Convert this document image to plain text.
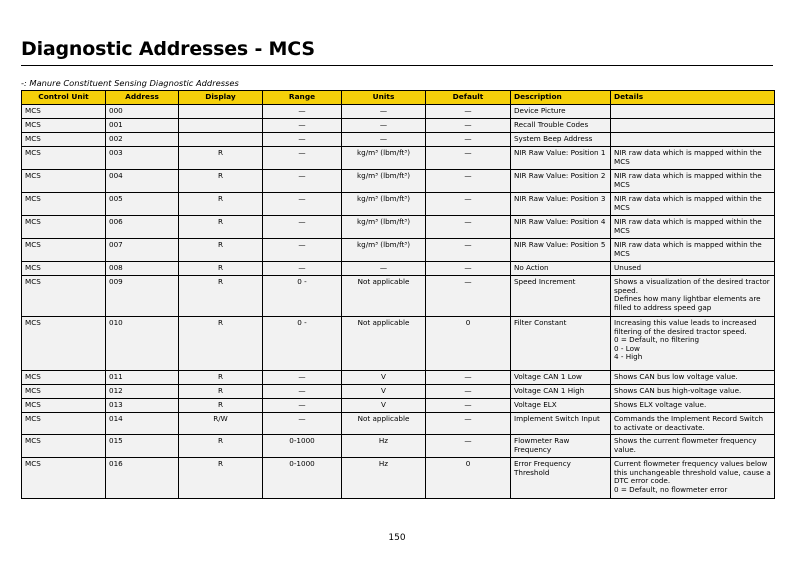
Diagnostic Addresses - MCS
-: Manure Constituent Sensing Diagnostic Addresses
Control Unit	Address	Display	Range	Units	Default	Description	Details
MCS	000		—	—	—	Device Picture	

MCS	001		—	—	—	Recall Trouble Codes	

MCS	002		—	—	—	System Beep Address	

MCS	003	R	—	kg/m³ (lbm/ft³)	—	NIR Raw Value: Position 1	NIR raw data which is mapped within the MCS

MCS	004	R	—	kg/m³ (lbm/ft³)	—	NIR Raw Value: Position 2	NIR raw data which is mapped within the MCS

MCS	005	R	—	kg/m³ (lbm/ft³)	—	NIR Raw Value: Position 3	NIR raw data which is mapped within the MCS

MCS	006	R	—	kg/m³ (lbm/ft³)	—	NIR Raw Value: Position 4	NIR raw data which is mapped within the MCS

MCS	007	R	—	kg/m³ (lbm/ft³)	—	NIR Raw Value: Position 5	NIR raw data which is mapped within the MCS

MCS	008	R	—	—	—	No Action	Unused

MCS	009	R	0 -	Not applicable	—	Speed Increment	Shows a visualization of the desired tractor speed.
Defines how many lightbar elements are filled to address speed gap

MCS	010	R	0 -	Not applicable	0	Filter Constant	Increasing this value leads to increased filtering of the desired tractor speed.
0 = Default, no filtering
0 - Low
4 - High

MCS	011	R	—	V	—	Voltage CAN 1 Low	Shows CAN bus low voltage value.

MCS	012	R	—	V	—	Voltage CAN 1 High	Shows CAN bus high-voltage value.

MCS	013	R	—	V	—	Voltage ELX	Shows ELX voltage value.

MCS	014	R/W	—	Not applicable	—	Implement Switch Input	Commands the Implement Record Switch to activate or deactivate.

MCS	015	R	0-1000	Hz	—	Flowmeter Raw Frequency	Shows the current flowmeter frequency value.

MCS	016	R	0-1000	Hz	0	Error Frequency Threshold	Current flowmeter frequency values below this unchangeable threshold value, cause a DTC error code.
0 = Default, no flowmeter error
150
